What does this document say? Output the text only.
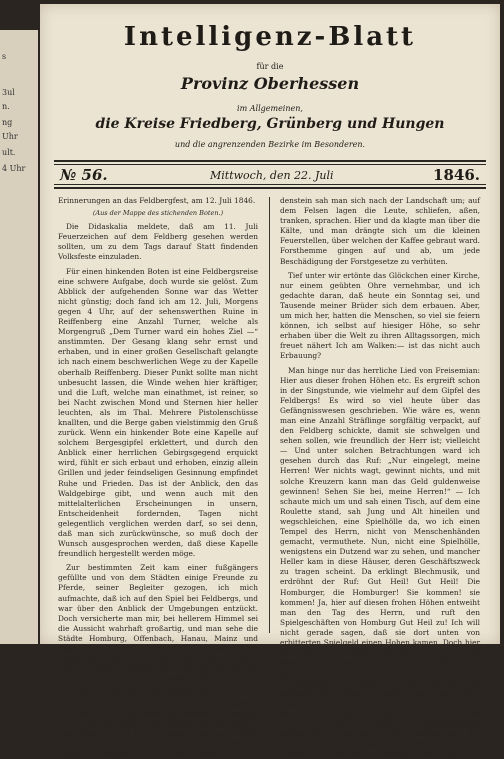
s
3ul
n.
ng
Uhr
ult.
4 Uhr
Intelligenz-Blatt
für die
Provinz Oberhessen
im Allgemeinen,
die Kreise Friedberg, Grünberg und Hungen
und die angrenzenden Bezirke im Besonderen.
№ 56.	Mittwoch, den 22. Juli	1846.

Erinnerungen an das Feldbergfest, am 12. Juli 1846.

(Aus der Mappe des stichenden Boten.)

Die Didaskalia meldete, daß am 11. Juli Feuerzeichen auf dem Feldberg gesehen werden sollten, um zu dem Tags darauf Statt findenden Volksfeste einzuladen.

Für einen hinkenden Boten ist eine Feldbergsreise eine schwere Aufgabe, doch wurde sie gelöst. Zum Abblick der aufgehenden Sonne war das Wetter nicht günstig; doch fand ich am 12. Juli, Morgens gegen 4 Uhr, auf der sehenswerthen Ruine in Reiffenberg eine Anzahl Turner, welche als Morgengruß „Dem Turner ward ein hohes Ziel —“ anstimmten. Der Gesang klang sehr ernst und erhaben, und in einer großen Gesellschaft gelangte ich nach einem beschwerlichen Wege zu der Kapelle oberhalb Reiffenberg. Dieser Punkt sollte man nicht unbesucht lassen, die Winde wehen hier kräftiger, und die Luft, welche man einathmet, ist reiner, so bei Nacht zwischen Mond und Sternen hier heller leuchten, als im Thal. Mehrere Pistolenschüsse knallten, und die Berge gaben vielstimmig den Gruß zurück. Wenn ein hinkender Bote eine Kapelle auf solchem Bergesgipfel erklettert, und durch den Anblick einer herrlichen Gebirgsgegend erquickt wird, fühlt er sich erbaut und erhoben, einzig allein Grillen und jeder feindseligen Gesinnung empfindet Ruhe und Frieden. Das ist der Anblick, den das Waldgebirge gibt, und wenn auch mit den mittelalterlichen Erscheinungen in unsern, Entscheidenheit fordernden, Tagen nicht gelegentlich verglichen werden darf, so sei denn, daß man sich zurückwünsche, so muß doch der Wunsch ausgesprochen werden, daß diese Kapelle freundlich hergestellt werden möge.

Zur bestimmten Zeit kam einer fußgängers gefüllte und von dem Städten einige Freunde zu Pferde, seiner Begleiter gezogen, ich mich aufmachte, daß ich auf den Spiel bei Feldbergs, und war über den Anblick der Umgebungen entzückt. Doch versicherte man mir, bei hellerem Himmel sei die Aussicht wahrhaft großartig, und man sehe die Städte Homburg, Offenbach, Hanau, Mainz und Oppenheim, auch erbleiche in Nebelferne Michelstadt, und den Strom; das Ganze gewähre einen herrlichen Anblick über die Gegend, welche sich den ganzen Tag durch günstig erfüllte.

Es war 8 Uhr Morgens. Schmerzlich waren die schönen Säulen, Orgelmänner, Guitarrenspieler, Polsterklettern, Ganz lanterlebenmotten, Ohrsauger — wie auf einem Jahrmarkt, Volk zu Roß und Wagen, eine Masse, die zu Fuß gekommen war, in Stunden bis auf 10000 Mann. Dabei schoß es, trommelte es, geigte es, trompetete es. Auf dem Brunhil-

denstein sah man sich nach der Landschaft um; auf dem Felsen lagen die Leute, schliefen, aßen, tranken, sprachen. Hier und da klagte man über die Kälte, und man drängte sich um die kleinen Feuerstellen, über welchen der Kaffee gebraut ward. Forsthemme gingen auf und ab, um jede Beschädigung der Forstgesetze zu verhüten.

Tief unter wir ertönte das Glöckchen einer Kirche, nur einem geübten Ohre vernehmbar, und ich gedachte daran, daß heute ein Sonntag sei, und Tausende meiner Brüder sich dem erbauen. Aber, um mich her, hatten die Menschen, so viel sie feiern können, ich selbst auf hiesiger Höhe, so sehr erhaben über die Welt zu ihren Alltagssorgen, mich freuet nähert Ich am Walken:— ist das nicht auch Erbauung?

Man hinge nur das herrliche Lied von Freisemian: Hier aus dieser frohen Höhen etc. Es ergreift schon in der Singstunde, wie vielmehr auf dem Gipfel des Feldbergs! Es wird so viel heute über das Gefängnisswesen geschrieben. Wie wäre es, wenn man eine Anzahl Sträflinge sorgfältig verpackt, auf den Feldberg schickte, damit sie schwelgen und sehen sollen, wie freundlich der Herr ist; vielleicht — Und unter solchen Betrachtungen ward ich gesehen durch das Ruf: „Nur eingelegt, meine Herren! Wer nichts wagt, gewinnt nichts, und mit solche Kreuzern kann man das Geld guldenweise gewinnen! Sehen Sie bei, meine Herren!“ — Ich schaute mich um und sah einen Tisch, auf dem eine Roulette stand, sah Jung und Alt hineilen und wegschleichen, eine Spielhölle da, wo ich einen Tempel des Herrn, nicht von Menschenhänden gemacht, vermuthete. Nun, nicht eine Spielhölle, wenigstens ein Dutzend war zu sehen, und mancher Heller kam in diese Häuser, deren Geschäftszweck zu tragen scheint. Da erklingt Blechmusik, und erdröhnt der Ruf: Gut Heil! Gut Heil! Die Homburger, die Homburger! Sie kommen! sie kommen! Ja, hier auf diesen frohen Höhen entweiht man den Tag des Herrn, und ruft den Spielgeschäften von Homburg Gut Heil zu! Ich will nicht gerade sagen, daß sie dort unten von erbitterten Spielgeld einen Hohen kamen, Doch hier oben ist ein Homburger Streitgedinge, und man knurrt sich dennoch mit Stolz auf den Blechmusik nicht recht hinan: Hier Homburg gute Ordnung! — Die Musik und der Gebrauch der Menschen bei ganz naheliegenden Gläsern, nicht dabei auf meine Wagen auf, wie wurde ich entstellt! Daß die Spiel mir in der Turnergilde, es gibt den Turnern, die mit der in Turngewand getrieben Muthwerkmacht herangefahren kamen. — Ihr werden bei der Feldberg ausbreiten, dass das Roulettenspiel auf den Feldberg überließ ich dem löblichen Feldbergs-
